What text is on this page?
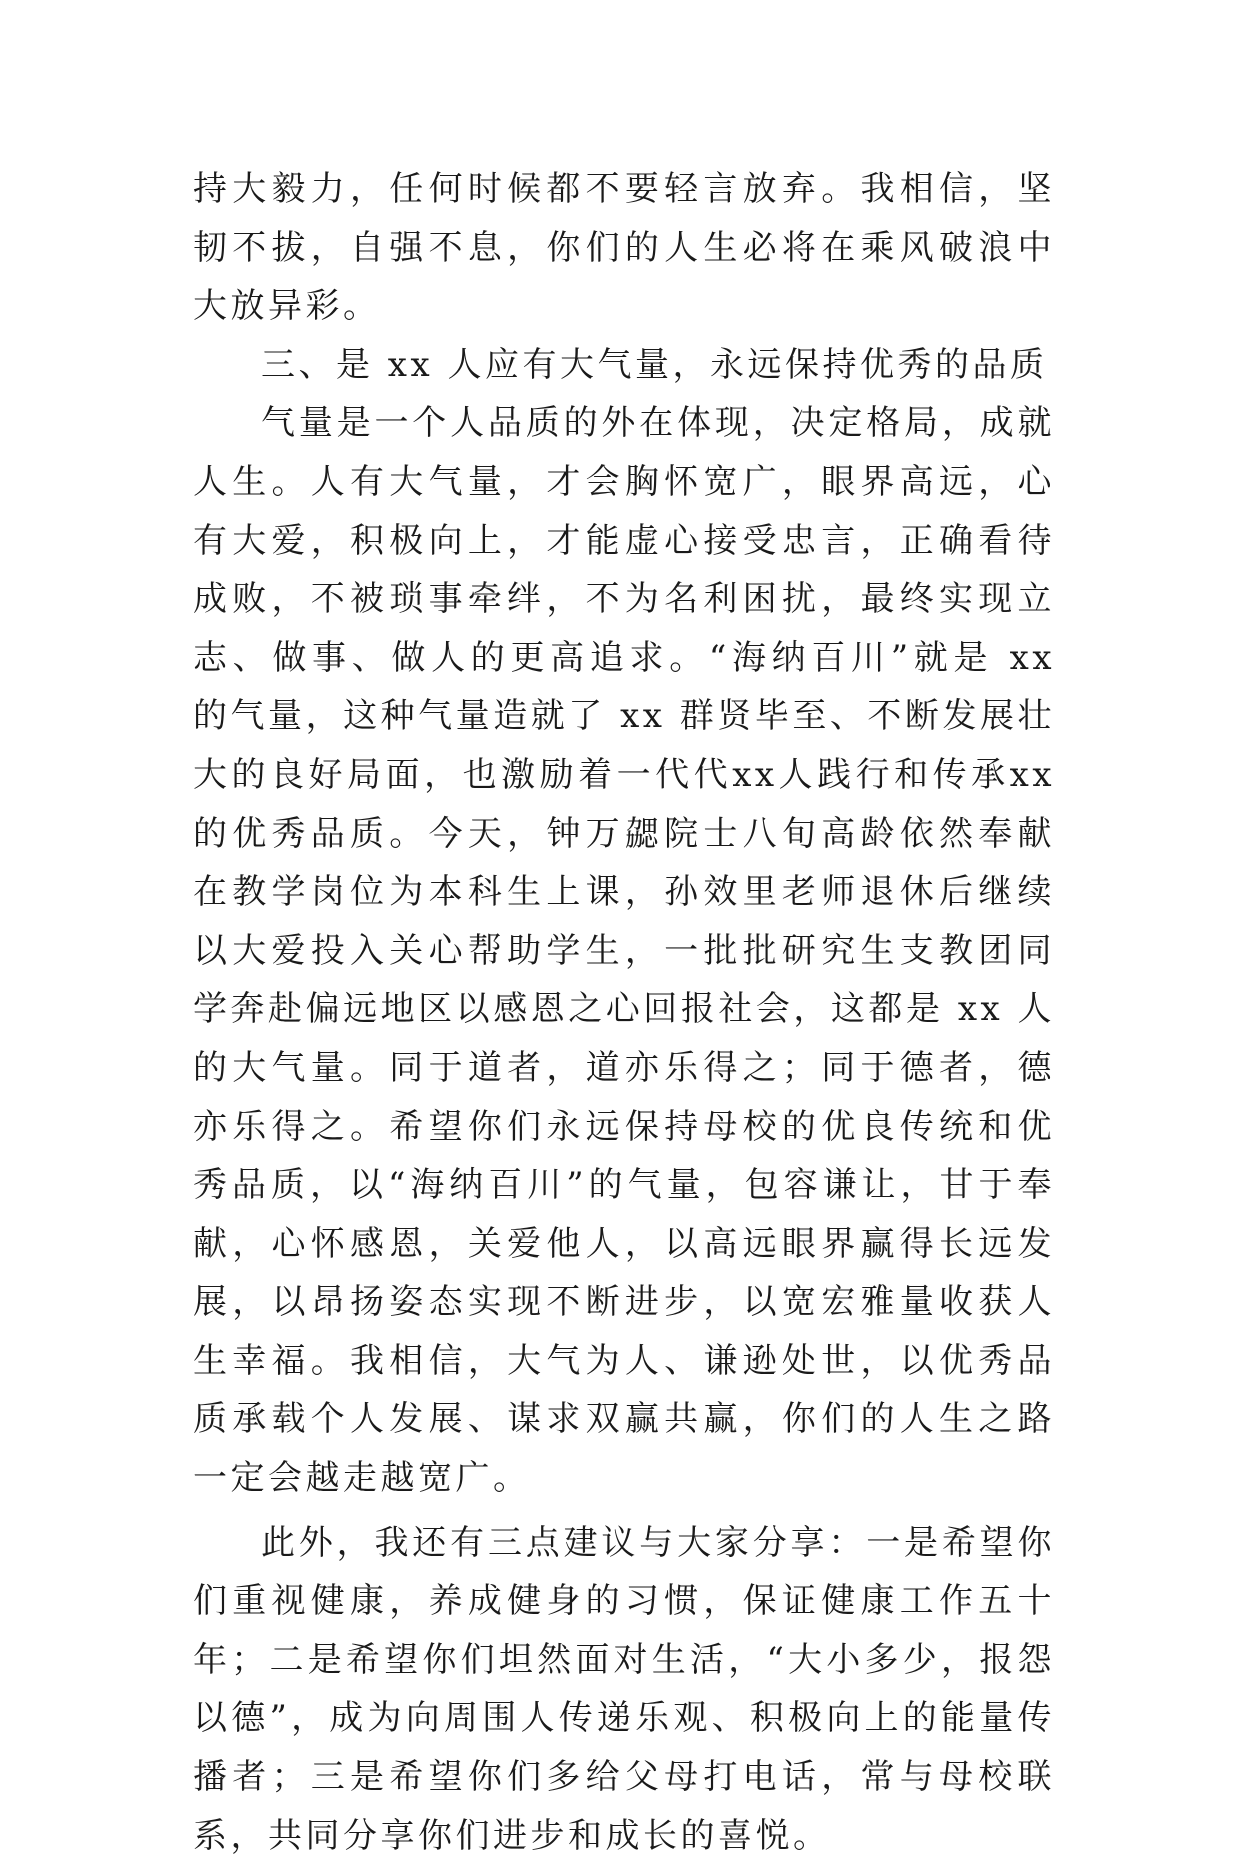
持大毅力，任何时候都不要轻言放弃。我相信，坚韧不拔，自强不息，你们的人生必将在乘风破浪中大放异彩。

三、是 xx 人应有大气量，永远保持优秀的品质

气量是一个人品质的外在体现，决定格局，成就人生。人有大气量，才会胸怀宽广，眼界高远，心有大爱，积极向上，才能虚心接受忠言，正确看待成败，不被琐事牵绊，不为名利困扰，最终实现立志、做事、做人的更高追求。“海纳百川”就是 xx 的气量，这种气量造就了 xx 群贤毕至、不断发展壮大的良好局面，也激励着一代代xx人践行和传承xx的优秀品质。今天，钟万勰院士八旬高龄依然奉献在教学岗位为本科生上课，孙效里老师退休后继续以大爱投入关心帮助学生，一批批研究生支教团同学奔赴偏远地区以感恩之心回报社会，这都是 xx 人的大气量。同于道者，道亦乐得之；同于德者，德亦乐得之。希望你们永远保持母校的优良传统和优秀品质，以“海纳百川”的气量，包容谦让，甘于奉献，心怀感恩，关爱他人，以高远眼界赢得长远发展，以昂扬姿态实现不断进步，以宽宏雅量收获人生幸福。我相信，大气为人、谦逊处世，以优秀品质承载个人发展、谋求双赢共赢，你们的人生之路一定会越走越宽广。

此外，我还有三点建议与大家分享：一是希望你们重视健康，养成健身的习惯，保证健康工作五十年；二是希望你们坦然面对生活，“大小多少，报怨以德”，成为向周围人传递乐观、积极向上的能量传播者；三是希望你们多给父母打电话，常与母校联系，共同分享你们进步和成长的喜悦。
